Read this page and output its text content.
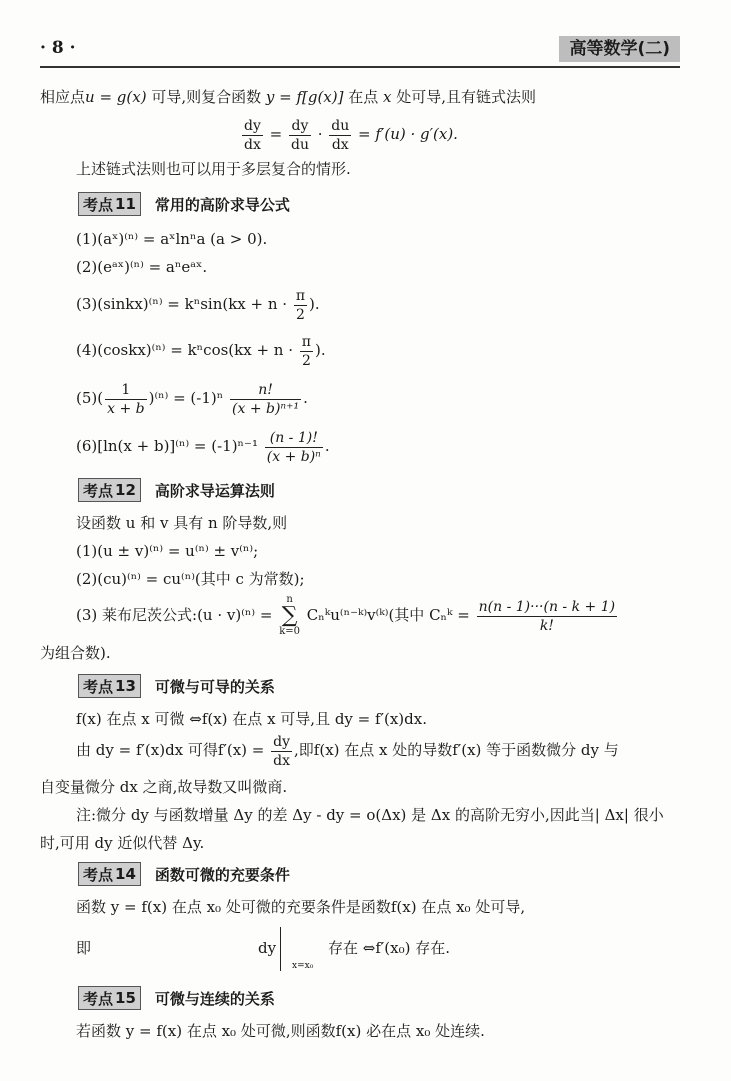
· 8 ·	高等数学(二)
相应点u = g(x) 可导,则复合函数 y = f[g(x)] 在点 x 处可导,且有链式法则
$\frac{dy}{dx} = \frac{dy}{du} \cdot \frac{du}{dx} = f'(u) \cdot g'(x)$.
上述链式法则也可以用于多层复合的情形.
考点 11 常用的高阶求导公式
(1)(aˣ)⁽ⁿ⁾ = aˣlnⁿa (a > 0).
(2)(eᵃˣ)⁽ⁿ⁾ = aⁿeᵃˣ.
(3)(sinkx)⁽ⁿ⁾ = $k^n\sin(kx + n \cdot \frac{\pi}{2}$ ).
(4)(coskx)⁽ⁿ⁾ = $k^n\cos(kx + n \cdot \frac{\pi}{2}$ ).
$(5)( \frac{1}{x + b} )^{(n)} = (-1)^n \frac{n!}{\text{(x + b)ⁿ⁺¹}}$ .
$(6)[\ln(x + b)]^{(n)} = (-1)^{n-1} \frac{(n - 1)!}{\text{(x + b)ⁿ}}$ .
考点 12 高阶求导运算法则
设函数 u 和 v 具有 n 阶导数,则
(1)(u ± v)⁽ⁿ⁾ = u⁽ⁿ⁾ ± v⁽ⁿ⁾;
(2)(cu)⁽ⁿ⁾ = cu⁽ⁿ⁾(其中 c 为常数);
(3) 莱布尼茨公式:(u · v)⁽ⁿ⁾ = n
∑
k=0 Cₙᵏu⁽ⁿ⁻ᵏ⁾v⁽ᵏ⁾(其中 Cₙᵏ = $\frac{n(n - 1)\cdot\cdot\cdot(n - k + 1)}{k!}$
为组合数).
考点 13 可微与可导的关系
f(x) 在点 x 可微 ⇔f(x) 在点 x 可导,且 dy = f′(x)dx.
由 dy = f′(x)dx 可得$f'(x) = \frac{dy}{dx}$ ,即f(x) 在点 x 处的导数f′(x) 等于函数微分 dy 与
自变量微分 dx 之商,故导数又叫微商.
注:微分 dy 与函数增量 Δy 的差 Δy - dy = o(Δx) 是 Δx 的高阶无穷小,因此当| Δx| 很小
时,可用 dy 近似代替 Δy.
考点 14 函数可微的充要条件
函数 y = f(x) 在点 x₀ 处可微的充要条件是函数f(x) 在点 x₀ 处可导,
即	dy
x=x₀
存在 ⇔f′(x₀) 存在.
考点 15 可微与连续的关系
若函数 y = f(x) 在点 x₀ 处可微,则函数f(x) 必在点 x₀ 处连续.
